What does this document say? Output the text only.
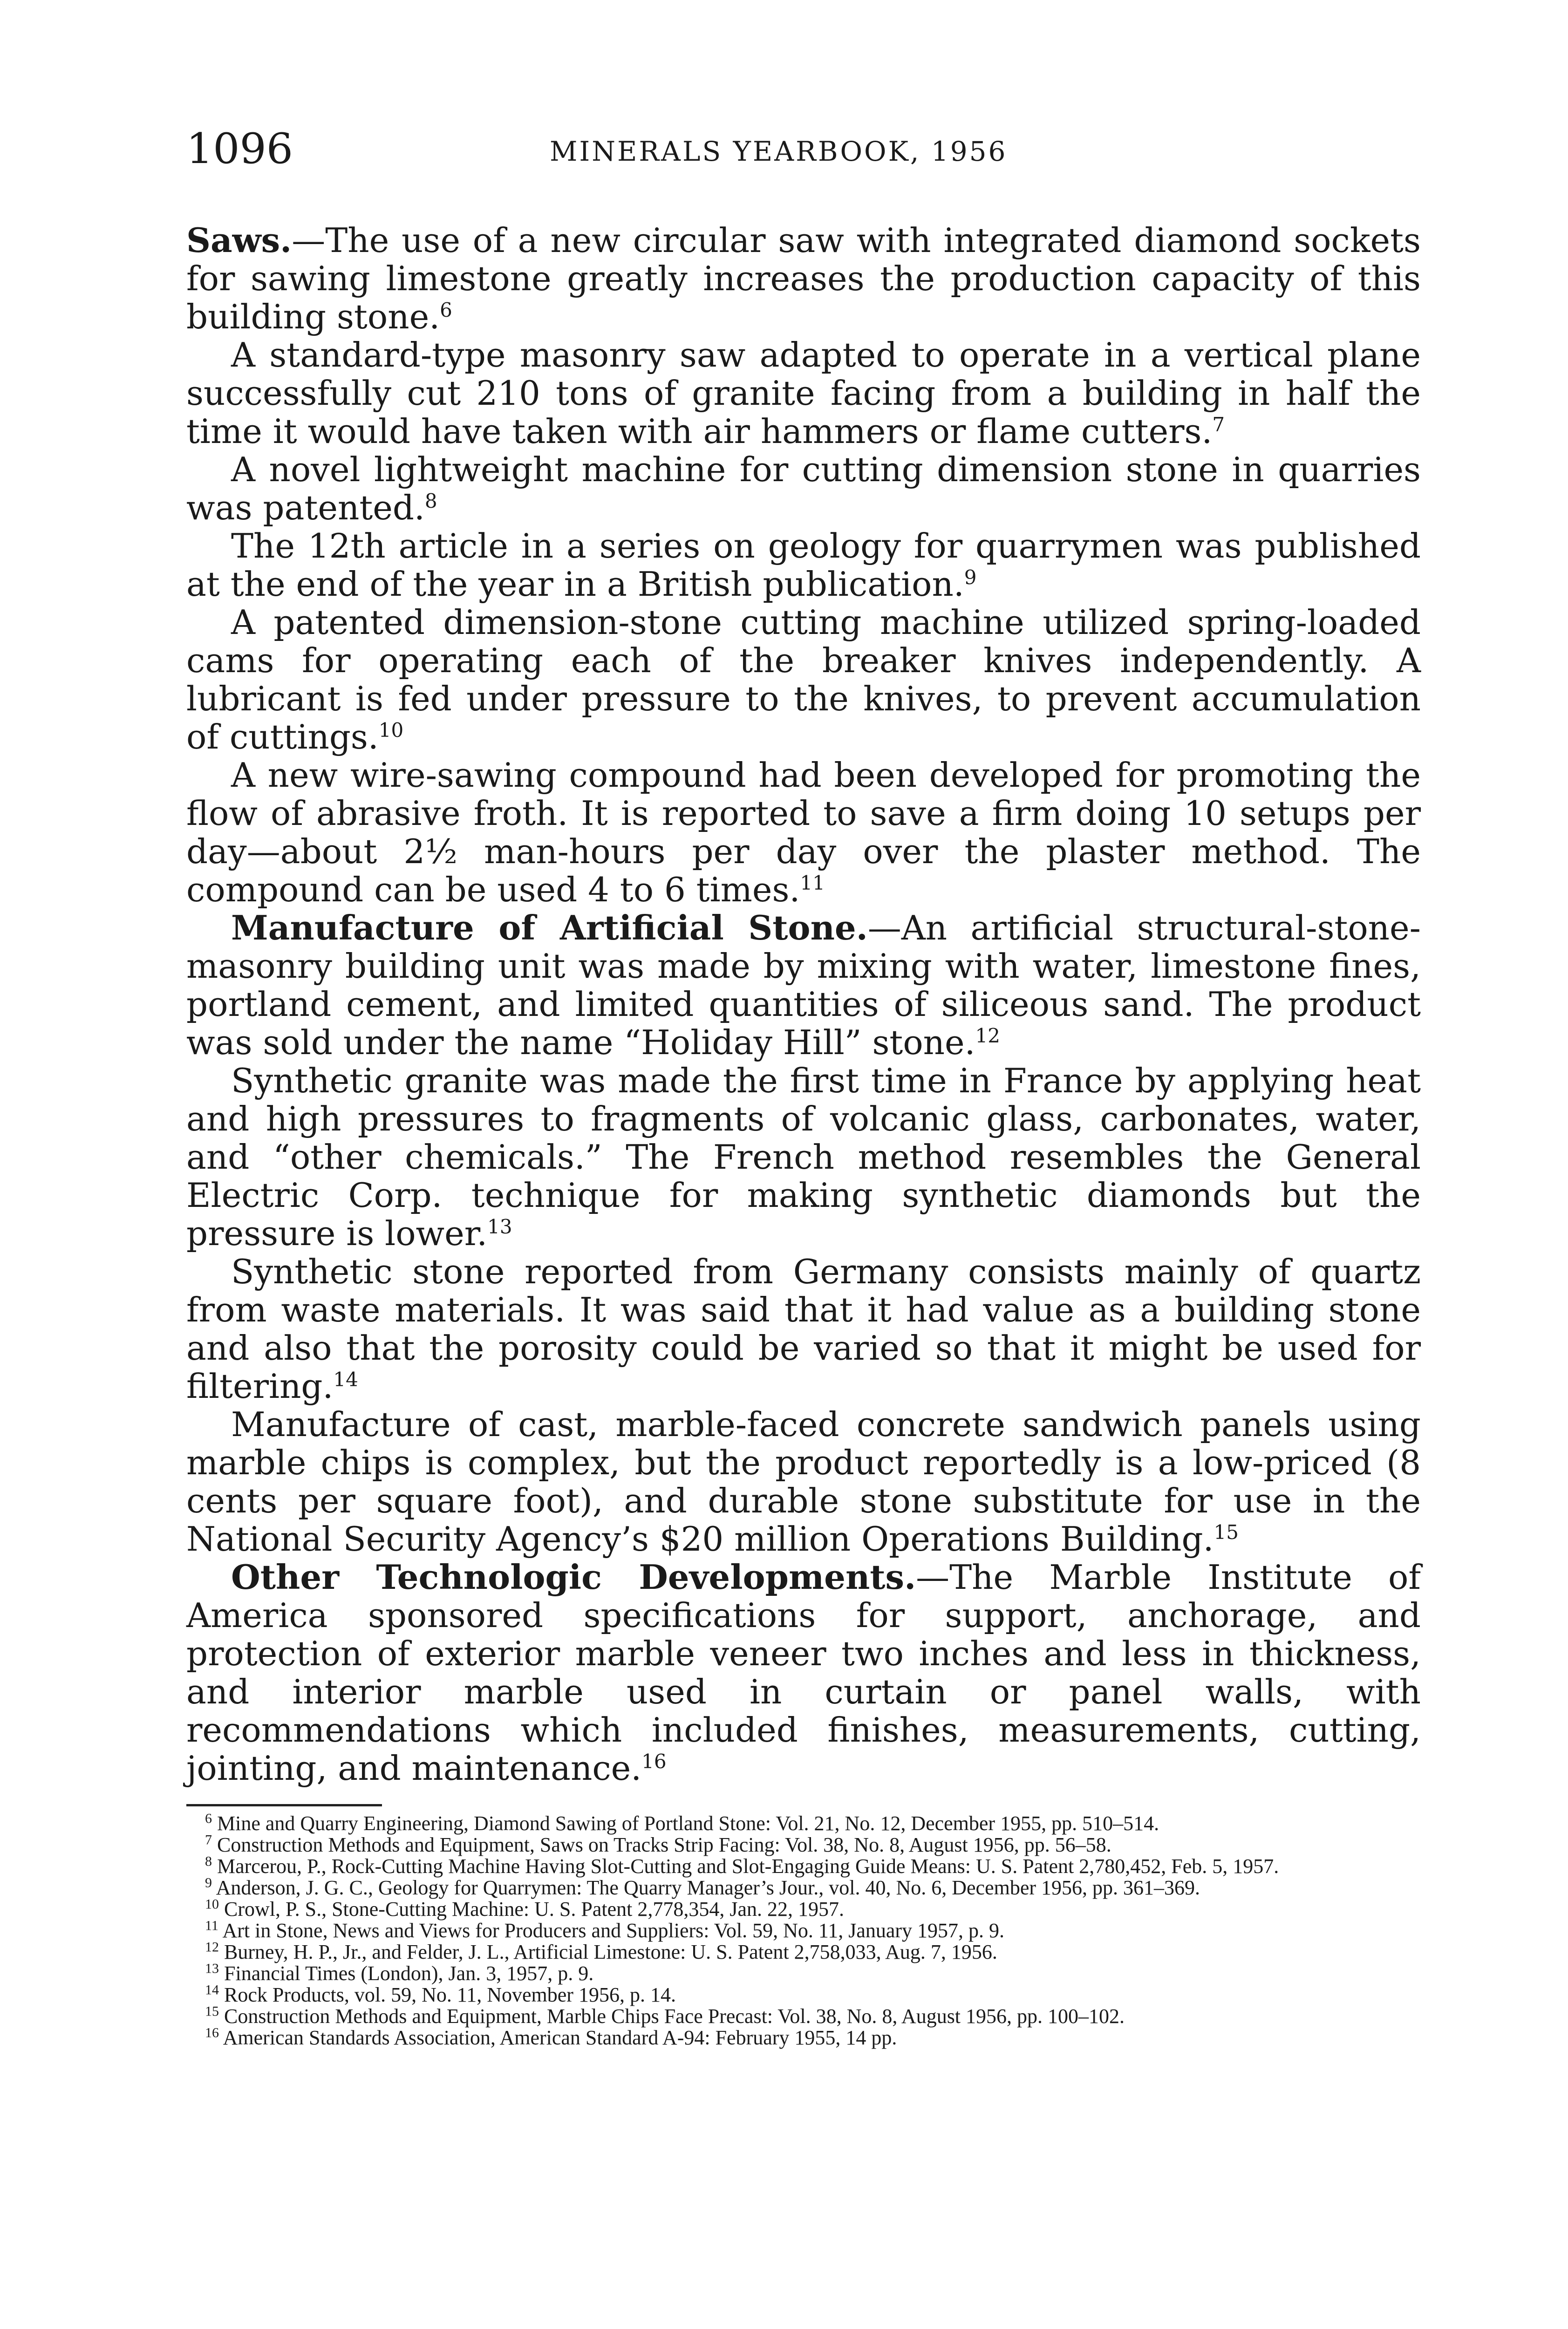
1096	MINERALS YEARBOOK, 1956

Saws.—The use of a new circular saw with integrated diamond sockets for sawing limestone greatly increases the production capacity of this building stone.$^6$

A standard-type masonry saw adapted to operate in a vertical plane successfully cut 210 tons of granite facing from a building in half the time it would have taken with air hammers or flame cutters.$^7$

A novel lightweight machine for cutting dimension stone in quarries was patented.$^8$

The 12th article in a series on geology for quarrymen was published at the end of the year in a British publication.$^9$

A patented dimension-stone cutting machine utilized spring-loaded cams for operating each of the breaker knives independently. A lubricant is fed under pressure to the knives, to prevent accumulation of cuttings.$^{10}$

A new wire-sawing compound had been developed for promoting the flow of abrasive froth. It is reported to save a firm doing 10 setups per day—about 2½ man-hours per day over the plaster method. The compound can be used 4 to 6 times.$^{11}$

Manufacture of Artificial Stone.—An artificial structural-stone-masonry building unit was made by mixing with water, limestone fines, portland cement, and limited quantities of siliceous sand. The product was sold under the name “Holiday Hill” stone.$^{12}$

Synthetic granite was made the first time in France by applying heat and high pressures to fragments of volcanic glass, carbonates, water, and “other chemicals.” The French method resembles the General Electric Corp. technique for making synthetic diamonds but the pressure is lower.$^{13}$

Synthetic stone reported from Germany consists mainly of quartz from waste materials. It was said that it had value as a building stone and also that the porosity could be varied so that it might be used for filtering.$^{14}$

Manufacture of cast, marble-faced concrete sandwich panels using marble chips is complex, but the product reportedly is a low-priced (8 cents per square foot), and durable stone substitute for use in the National Security Agency’s $20 million Operations Building.$^{15}$

Other Technologic Developments.—The Marble Institute of America sponsored specifications for support, anchorage, and protection of exterior marble veneer two inches and less in thickness, and interior marble used in curtain or panel walls, with recommendations which included finishes, measurements, cutting, jointing, and maintenance.$^{16}$

$^6$ Mine and Quarry Engineering, Diamond Sawing of Portland Stone: Vol. 21, No. 12, December 1955, pp. 510–514.

$^7$ Construction Methods and Equipment, Saws on Tracks Strip Facing: Vol. 38, No. 8, August 1956, pp. 56–58.

$^8$ Marcerou, P., Rock-Cutting Machine Having Slot-Cutting and Slot-Engaging Guide Means: U. S. Patent 2,780,452, Feb. 5, 1957.

$^9$ Anderson, J. G. C., Geology for Quarrymen: The Quarry Manager’s Jour., vol. 40, No. 6, December 1956, pp. 361–369.

$^{10}$ Crowl, P. S., Stone-Cutting Machine: U. S. Patent 2,778,354, Jan. 22, 1957.

$^{11}$ Art in Stone, News and Views for Producers and Suppliers: Vol. 59, No. 11, January 1957, p. 9.

$^{12}$ Burney, H. P., Jr., and Felder, J. L., Artificial Limestone: U. S. Patent 2,758,033, Aug. 7, 1956.

$^{13}$ Financial Times (London), Jan. 3, 1957, p. 9.

$^{14}$ Rock Products, vol. 59, No. 11, November 1956, p. 14.

$^{15}$ Construction Methods and Equipment, Marble Chips Face Precast: Vol. 38, No. 8, August 1956, pp. 100–102.

$^{16}$ American Standards Association, American Standard A-94: February 1955, 14 pp.
